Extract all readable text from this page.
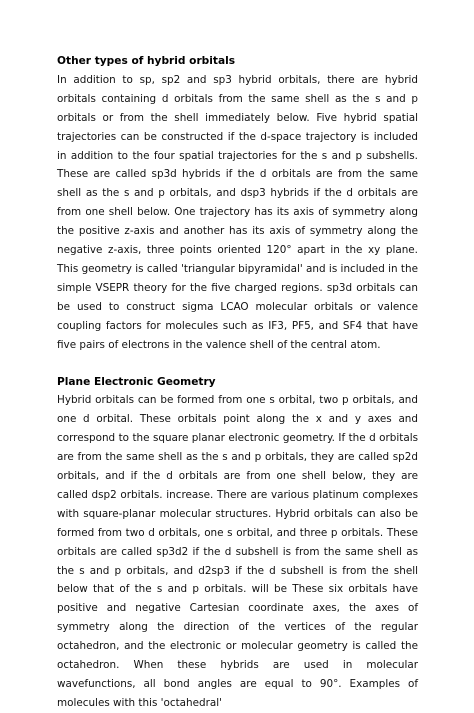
Other types of hybrid orbitals

In addition to sp, sp2 and sp3 hybrid orbitals, there are hybrid orbitals containing d orbitals from the same shell as the s and p orbitals or from the shell immediately below. Five hybrid spatial trajectories can be constructed if the d-space trajectory is included in addition to the four spatial trajectories for the s and p subshells. These are called sp3d hybrids if the d orbitals are from the same shell as the s and p orbitals, and dsp3 hybrids if the d orbitals are from one shell below. One trajectory has its axis of symmetry along the positive z-axis and another has its axis of symmetry along the negative z-axis, three points oriented 120° apart in the xy plane. This geometry is called 'triangular bipyramidal' and is included in the simple VSEPR theory for the five charged regions. sp3d orbitals can be used to construct sigma LCAO molecular orbitals or valence coupling factors for molecules such as IF3, PF5, and SF4 that have five pairs of electrons in the valence shell of the central atom.

Plane Electronic Geometry

Hybrid orbitals can be formed from one s orbital, two p orbitals, and one d orbital. These orbitals point along the x and y axes and correspond to the square planar electronic geometry. If the d orbitals are from the same shell as the s and p orbitals, they are called sp2d orbitals, and if the d orbitals are from one shell below, they are called dsp2 orbitals. increase. There are various platinum complexes with square-planar molecular structures. Hybrid orbitals can also be formed from two d orbitals, one s orbital, and three p orbitals. These orbitals are called sp3d2 if the d subshell is from the same shell as the s and p orbitals, and d2sp3 if the d subshell is from the shell below that of the s and p orbitals. will be These six orbitals have positive and negative Cartesian coordinate axes, the axes of symmetry along the direction of the vertices of the regular octahedron, and the electronic or molecular geometry is called the octahedron. When these hybrids are used in molecular wavefunctions, all bond angles are equal to 90°. Examples of molecules with this 'octahedral'
